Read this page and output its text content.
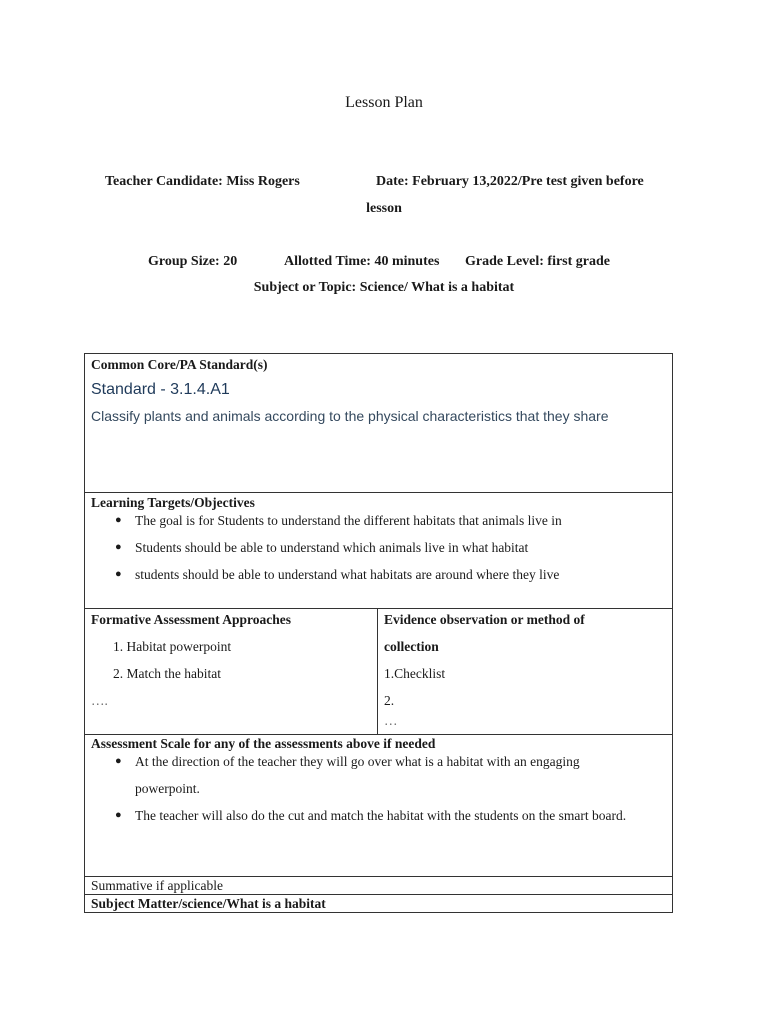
Lesson Plan
Teacher Candidate: Miss Rogers	Date: February 13,2022/Pre test given before
lesson
Group Size: 20	Allotted Time: 40 minutes Grade Level: first grade
Subject or Topic: Science/ What is a habitat
Common Core/PA Standard(s)
Standard - 3.1.4.A1
Classify plants and animals according to the physical characteristics that they share

Learning Targets/Objectives
● The goal is for Students to understand the different habitats that animals live in
● Students should be able to understand which animals live in what habitat
● students should be able to understand what habitats are around where they live

Formative Assessment Approaches
1. Habitat powerpoint
2. Match the habitat
….

Evidence observation or method of
collection
1.Checklist
2.
…

Assessment Scale for any of the assessments above if needed
● At the direction of the teacher they will go over what is a habitat with an engaging powerpoint.
● The teacher will also do the cut and match the habitat with the students on the smart board.

Summative if applicable
Subject Matter/science/What is a habitat
